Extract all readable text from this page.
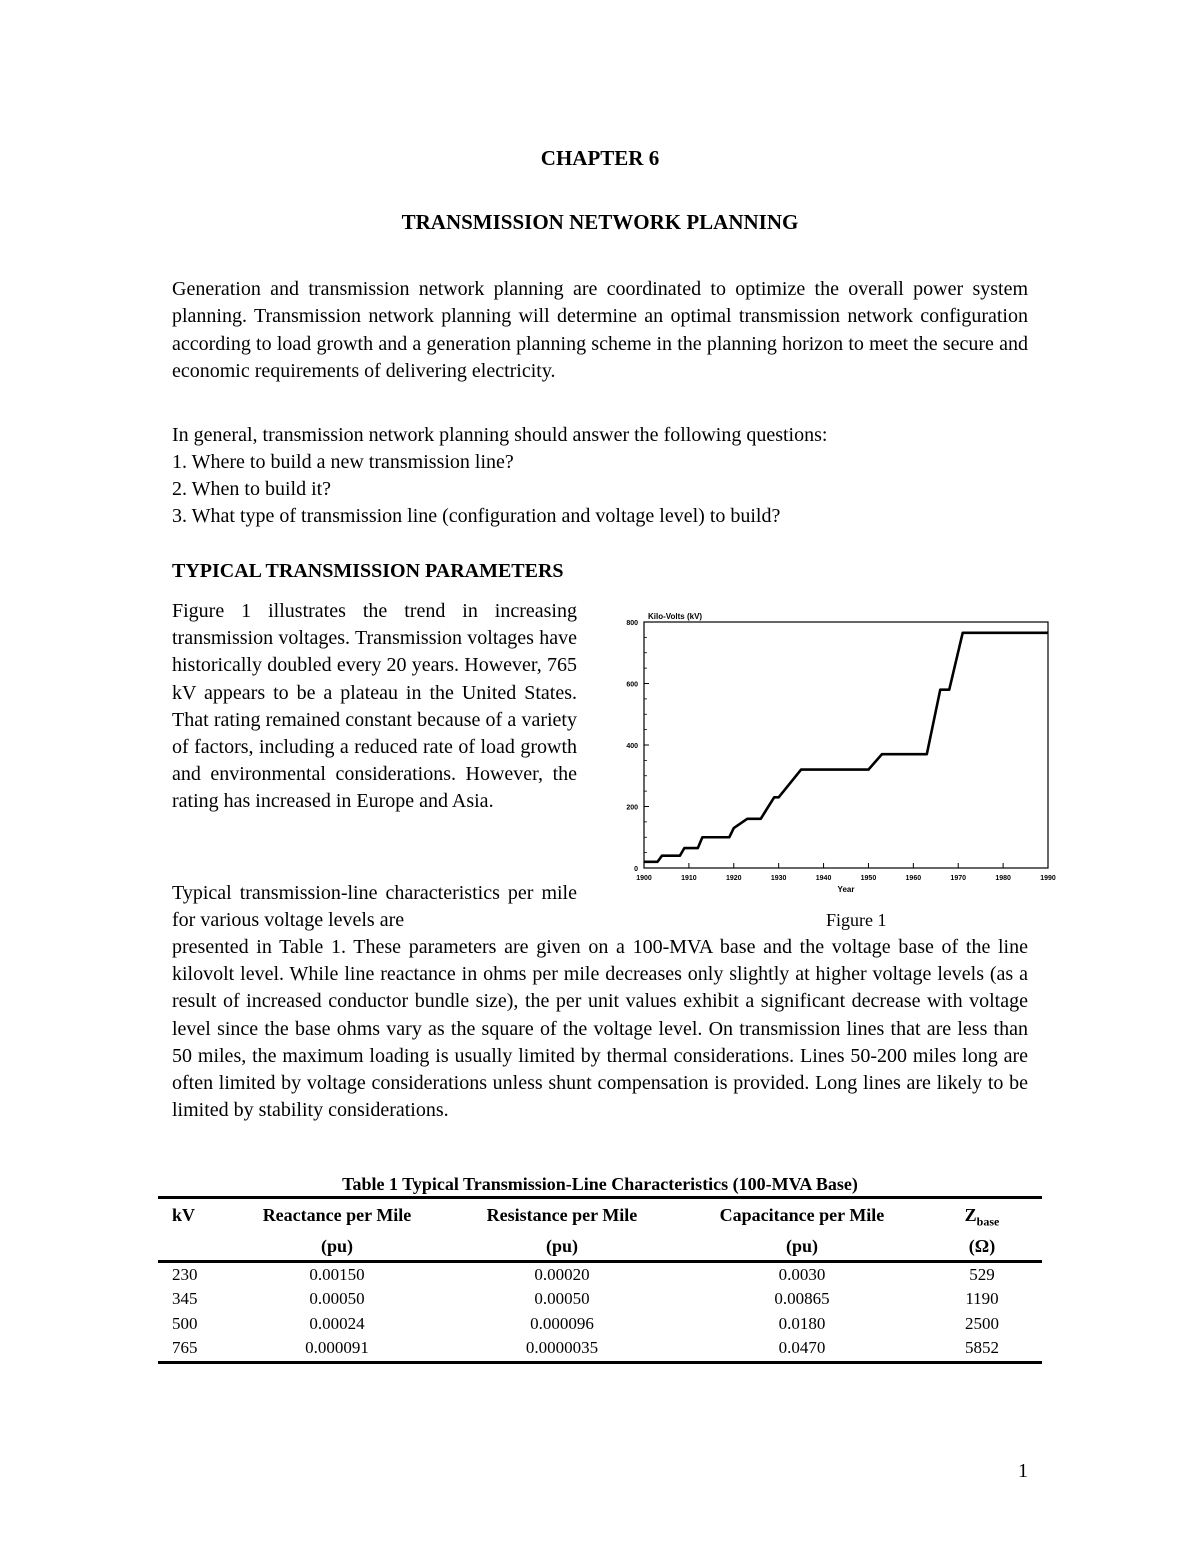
CHAPTER 6
TRANSMISSION NETWORK PLANNING

Generation and transmission network planning are coordinated to optimize the overall power system planning. Transmission network planning will determine an optimal transmission network configuration according to load growth and a generation planning scheme in the planning horizon to meet the secure and economic requirements of delivering electricity.

In general, transmission network planning should answer the following questions:
1. Where to build a new transmission line?
2. When to build it?
3. What type of transmission line (configuration and voltage level) to build?
TYPICAL TRANSMISSION PARAMETERS
Figure 1 illustrates the trend in increasing transmission voltages. Transmission voltages have historically doubled every 20 years. However, 765 kV appears to be a plateau in the United States. That rating remained constant because of a variety of factors, including a reduced rate of load growth and environmental considerations. However, the rating has increased in Europe and Asia.
Typical transmission-line characteristics per mile for various voltage levels are
0
200
400
600
800
1900	1910	1920	1930	1940	1950	1960	1970	1980	1990
Kilo-Volts (kV)
Year
Figure 1
presented in Table 1. These parameters are given on a 100-MVA base and the voltage base of the line kilovolt level. While line reactance in ohms per mile decreases only slightly at higher voltage levels (as a result of increased conductor bundle size), the per unit values exhibit a significant decrease with voltage level since the base ohms vary as the square of the voltage level. On transmission lines that are less than 50 miles, the maximum loading is usually limited by thermal considerations. Lines 50-200 miles long are often limited by voltage considerations unless shunt compensation is provided. Long lines are likely to be limited by stability considerations.
Table 1 Typical Transmission-Line Characteristics (100-MVA Base)
kV	Reactance per Mile	Resistance per Mile	Capacitance per Mile	$Z_{base}$
	(pu)	(pu)	(pu)	(Ω)
230	0.00150	0.00020	0.0030	529
345	0.00050	0.00050	0.00865	1190
500	0.00024	0.000096	0.0180	2500
765	0.000091	0.0000035	0.0470	5852
1
